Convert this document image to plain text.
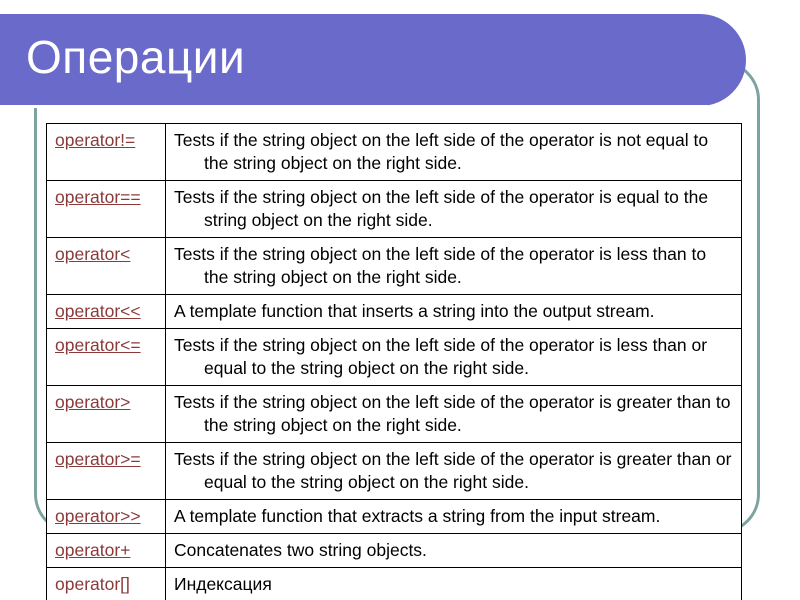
Операции
operator!=	Tests if the string object on the left side of the operator is not equal to the string object on the right side.

operator==	Tests if the string object on the left side of the operator is equal to the string object on the right side.

operator<	Tests if the string object on the left side of the operator is less than to the string object on the right side.

operator<<	A template function that inserts a string into the output stream.

operator<=	Tests if the string object on the left side of the operator is less than or equal to the string object on the right side.

operator>	Tests if the string object on the left side of the operator is greater than to the string object on the right side.

operator>=	Tests if the string object on the left side of the operator is greater than or equal to the string object on the right side.

operator>>	A template function that extracts a string from the input stream.

operator+	Concatenates two string objects.

operator[]	Индексация
